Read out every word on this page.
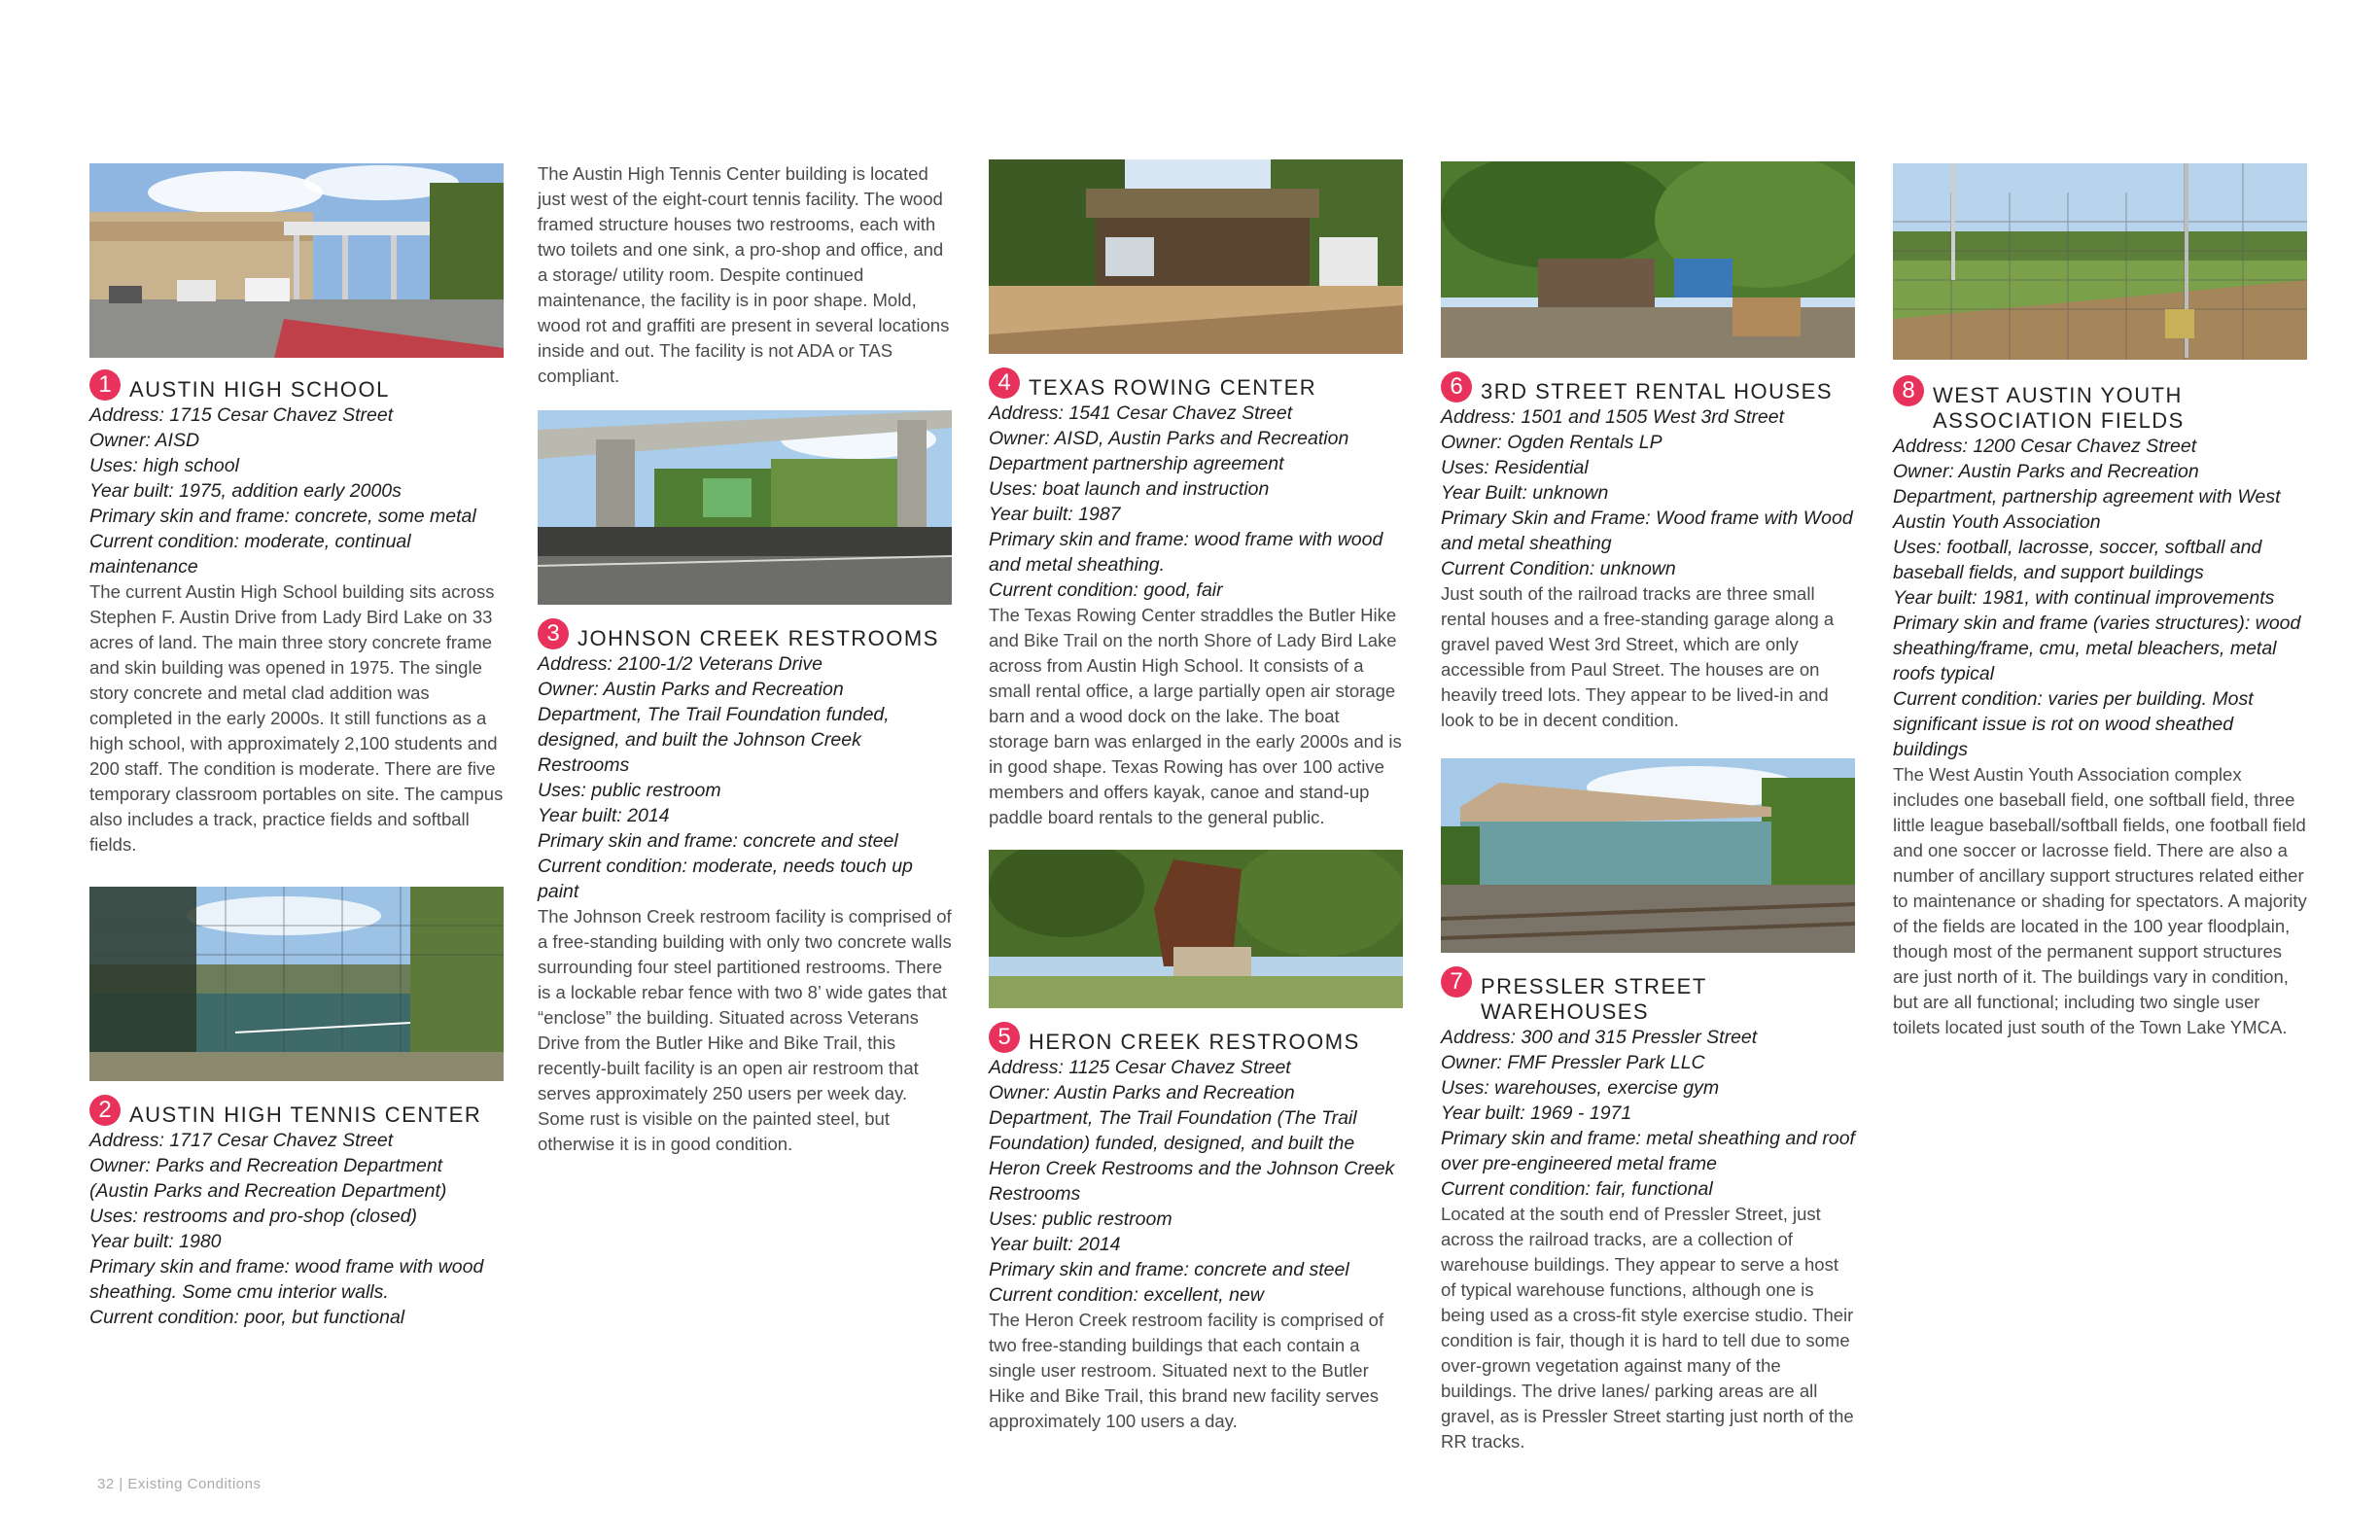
1 AUSTIN HIGH SCHOOL
Address: 1715 Cesar Chavez Street
Owner: AISD
Uses: high school
Year built: 1975, addition early 2000s
Primary skin and frame: concrete, some metal
Current condition: moderate, continual maintenance
The current Austin High School building sits across Stephen F. Austin Drive from Lady Bird Lake on 33 acres of land. The main three story concrete frame and skin building was opened in 1975. The single story concrete and metal clad addition was completed in the early 2000s. It still functions as a high school, with approximately 2,100 students and 200 staff. The condition is moderate. There are five temporary classroom portables on site. The campus also includes a track, practice fields and softball fields.
2 AUSTIN HIGH TENNIS CENTER
Address: 1717 Cesar Chavez Street
Owner: Parks and Recreation Department (Austin Parks and Recreation Department)
Uses: restrooms and pro-shop (closed)
Year built: 1980
Primary skin and frame: wood frame with wood sheathing. Some cmu interior walls.
Current condition: poor, but functional
The Austin High Tennis Center building is located just west of the eight-court tennis facility. The wood framed structure houses two restrooms, each with two toilets and one sink, a pro-shop and office, and a storage/ utility room. Despite continued maintenance, the facility is in poor shape. Mold, wood rot and graffiti are present in several locations inside and out. The facility is not ADA or TAS compliant.
3 JOHNSON CREEK RESTROOMS
Address: 2100-1/2 Veterans Drive
Owner: Austin Parks and Recreation Department, The Trail Foundation funded, designed, and built the Johnson Creek Restrooms
Uses: public restroom
Year built: 2014
Primary skin and frame: concrete and steel
Current condition: moderate, needs touch up paint
The Johnson Creek restroom facility is comprised of a free-standing building with only two concrete walls surrounding four steel partitioned restrooms. There is a lockable rebar fence with two 8’ wide gates that “enclose” the building. Situated across Veterans Drive from the Butler Hike and Bike Trail, this recently-built facility is an open air restroom that serves approximately 250 users per week day. Some rust is visible on the painted steel, but otherwise it is in good condition.
4 TEXAS ROWING CENTER
Address: 1541 Cesar Chavez Street
Owner: AISD, Austin Parks and Recreation Department partnership agreement
Uses: boat launch and instruction
Year built: 1987
Primary skin and frame: wood frame with wood and metal sheathing.
Current condition: good, fair
The Texas Rowing Center straddles the Butler Hike and Bike Trail on the north Shore of Lady Bird Lake across from Austin High School. It consists of a small rental office, a large partially open air storage barn and a wood dock on the lake. The boat storage barn was enlarged in the early 2000s and is in good shape. Texas Rowing has over 100 active members and offers kayak, canoe and stand-up paddle board rentals to the general public.
5 HERON CREEK RESTROOMS
Address: 1125 Cesar Chavez Street
Owner: Austin Parks and Recreation Department, The Trail Foundation (The Trail Foundation) funded, designed, and built the Heron Creek Restrooms and the Johnson Creek Restrooms
Uses: public restroom
Year built: 2014
Primary skin and frame: concrete and steel
Current condition: excellent, new
The Heron Creek restroom facility is comprised of two free-standing buildings that each contain a single user restroom. Situated next to the Butler Hike and Bike Trail, this brand new facility serves approximately 100 users a day.
6 3RD STREET RENTAL HOUSES
Address: 1501 and 1505 West 3rd Street
Owner: Ogden Rentals LP
Uses: Residential
Year Built: unknown
Primary Skin and Frame: Wood frame with Wood and metal sheathing
Current Condition: unknown
Just south of the railroad tracks are three small rental houses and a free-standing garage along a gravel paved West 3rd Street, which are only accessible from Paul Street. The houses are on heavily treed lots. They appear to be lived-in and look to be in decent condition.
7 PRESSLER STREET WAREHOUSES
Address: 300 and 315 Pressler Street
Owner: FMF Pressler Park LLC
Uses: warehouses, exercise gym
Year built: 1969 - 1971
Primary skin and frame: metal sheathing and roof over pre-engineered metal frame
Current condition: fair, functional
Located at the south end of Pressler Street, just across the railroad tracks, are a collection of warehouse buildings. They appear to serve a host of typical warehouse functions, although one is being used as a cross-fit style exercise studio. Their condition is fair, though it is hard to tell due to some over-grown vegetation against many of the buildings. The drive lanes/ parking areas are all gravel, as is Pressler Street starting just north of the RR tracks.
8 WEST AUSTIN YOUTH ASSOCIATION FIELDS
Address: 1200 Cesar Chavez Street
Owner: Austin Parks and Recreation Department, partnership agreement with West Austin Youth Association
Uses: football, lacrosse, soccer, softball and baseball fields, and support buildings
Year built: 1981, with continual improvements
Primary skin and frame (varies structures): wood sheathing/frame, cmu, metal bleachers, metal roofs typical
Current condition: varies per building. Most significant issue is rot on wood sheathed buildings
The West Austin Youth Association complex includes one baseball field, one softball field, three little league baseball/softball fields, one football field and one soccer or lacrosse field. There are also a number of ancillary support structures related either to maintenance or shading for spectators. A majority of the fields are located in the 100 year floodplain, though most of the permanent support structures are just north of it. The buildings vary in condition, but are all functional; including two single user toilets located just south of the Town Lake YMCA.
32 | Existing Conditions
